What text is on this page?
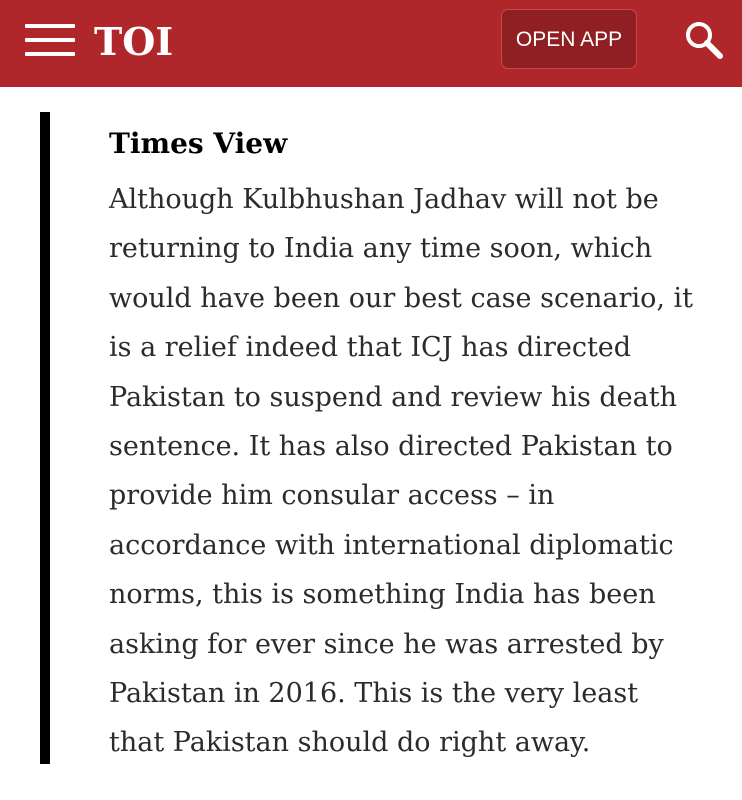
TOI	OPEN APP
Times View
Although Kulbhushan Jadhav will not be
returning to India any time soon, which
would have been our best case scenario, it
is a relief indeed that ICJ has directed
Pakistan to suspend and review his death
sentence. It has also directed Pakistan to
provide him consular access – in
accordance with international diplomatic
norms, this is something India has been
asking for ever since he was arrested by
Pakistan in 2016. This is the very least
that Pakistan should do right away.
